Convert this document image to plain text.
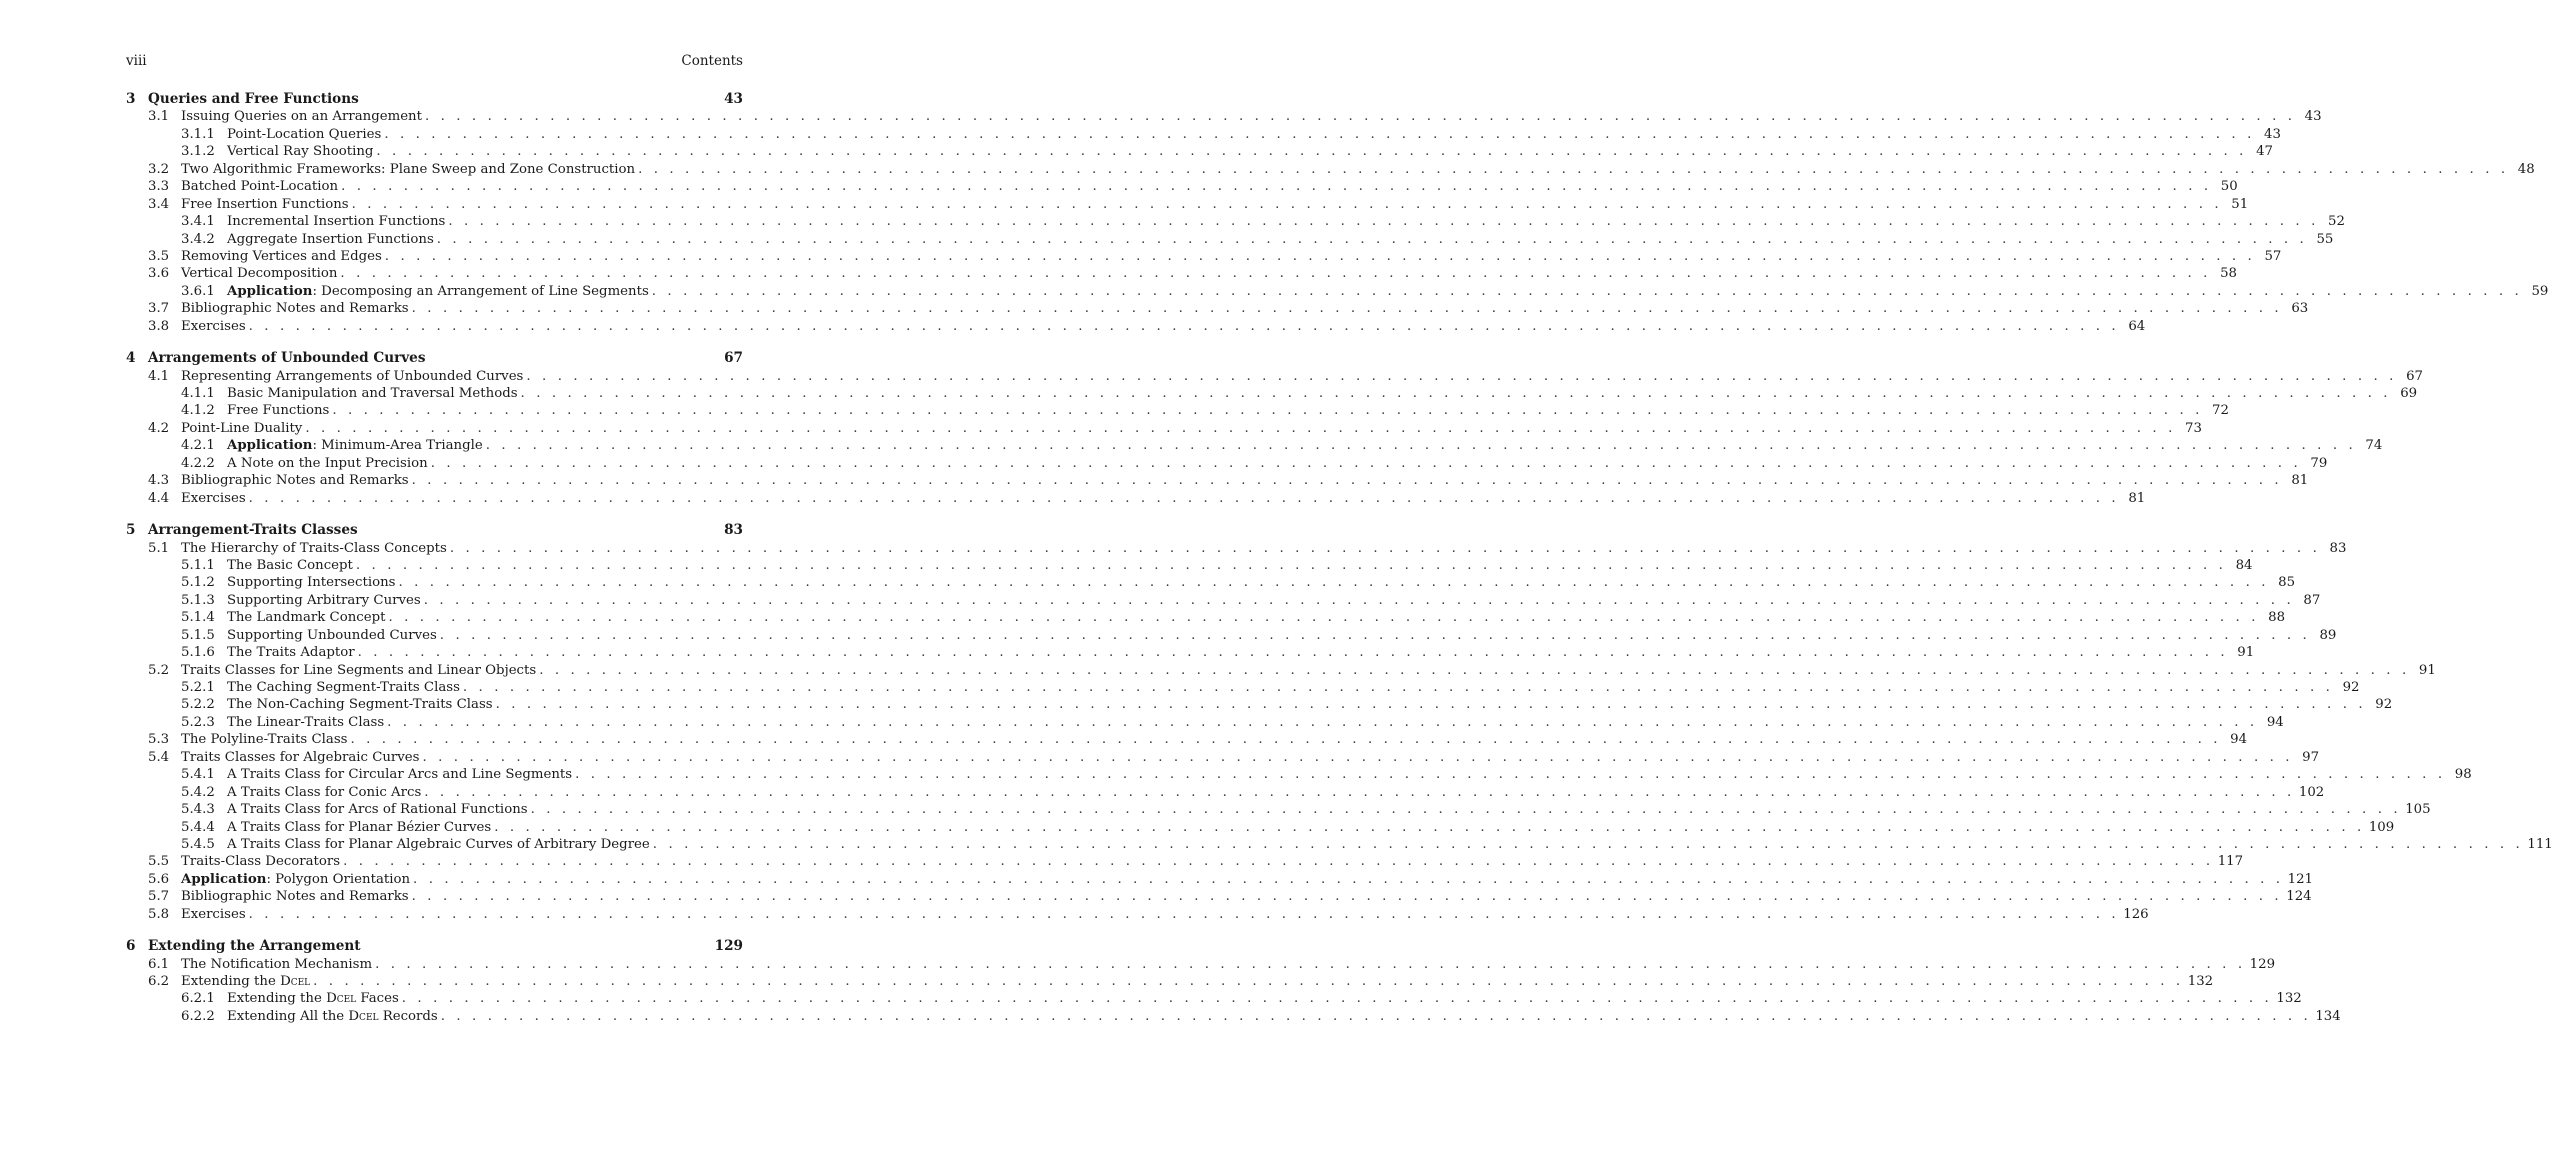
viii	Contents
3 Queries and Free Functions	43
3.1 Issuing Queries on an Arrangement . . . . . . . . . . . . . . . . . . . . . . . . . . . . . . . . . . . . . . . . . . . . . . . . . . . . . . . . . . . . . . . . . . . . . . . . . . . . . . . . . . . . . . . . . . . . . . . . . . . . . . . . . . . . . . . . . . . . . . . . 43
3.1.1 Point-Location Queries . . . . . . . . . . . . . . . . . . . . . . . . . . . . . . . . . . . . . . . . . . . . . . . . . . . . . . . . . . . . . . . . . . . . . . . . . . . . . . . . . . . . . . . . . . . . . . . . . . . . . . . . . . . . . . . . . . . . . . . . 43
3.1.2 Vertical Ray Shooting . . . . . . . . . . . . . . . . . . . . . . . . . . . . . . . . . . . . . . . . . . . . . . . . . . . . . . . . . . . . . . . . . . . . . . . . . . . . . . . . . . . . . . . . . . . . . . . . . . . . . . . . . . . . . . . . . . . . . . . . 47
3.2 Two Algorithmic Frameworks: Plane Sweep and Zone Construction . . . . . . . . . . . . . . . . . . . . . . . . . . . . . . . . . . . . . . . . . . . . . . . . . . . . . . . . . . . . . . . . . . . . . . . . . . . . . . . . . . . . . . . . . . . . . . . . . . . . . . . . . . . . . . . . . . . . . . . . 48
3.3 Batched Point-Location . . . . . . . . . . . . . . . . . . . . . . . . . . . . . . . . . . . . . . . . . . . . . . . . . . . . . . . . . . . . . . . . . . . . . . . . . . . . . . . . . . . . . . . . . . . . . . . . . . . . . . . . . . . . . . . . . . . . . . . . 50
3.4 Free Insertion Functions . . . . . . . . . . . . . . . . . . . . . . . . . . . . . . . . . . . . . . . . . . . . . . . . . . . . . . . . . . . . . . . . . . . . . . . . . . . . . . . . . . . . . . . . . . . . . . . . . . . . . . . . . . . . . . . . . . . . . . . . 51
3.4.1 Incremental Insertion Functions . . . . . . . . . . . . . . . . . . . . . . . . . . . . . . . . . . . . . . . . . . . . . . . . . . . . . . . . . . . . . . . . . . . . . . . . . . . . . . . . . . . . . . . . . . . . . . . . . . . . . . . . . . . . . . . . . . . . . . . . 52
3.4.2 Aggregate Insertion Functions . . . . . . . . . . . . . . . . . . . . . . . . . . . . . . . . . . . . . . . . . . . . . . . . . . . . . . . . . . . . . . . . . . . . . . . . . . . . . . . . . . . . . . . . . . . . . . . . . . . . . . . . . . . . . . . . . . . . . . . . 55
3.5 Removing Vertices and Edges . . . . . . . . . . . . . . . . . . . . . . . . . . . . . . . . . . . . . . . . . . . . . . . . . . . . . . . . . . . . . . . . . . . . . . . . . . . . . . . . . . . . . . . . . . . . . . . . . . . . . . . . . . . . . . . . . . . . . . . . 57
3.6 Vertical Decomposition . . . . . . . . . . . . . . . . . . . . . . . . . . . . . . . . . . . . . . . . . . . . . . . . . . . . . . . . . . . . . . . . . . . . . . . . . . . . . . . . . . . . . . . . . . . . . . . . . . . . . . . . . . . . . . . . . . . . . . . . 58
3.6.1 Application: Decomposing an Arrangement of Line Segments . . . . . . . . . . . . . . . . . . . . . . . . . . . . . . . . . . . . . . . . . . . . . . . . . . . . . . . . . . . . . . . . . . . . . . . . . . . . . . . . . . . . . . . . . . . . . . . . . . . . . . . . . . . . . . . . . . . . . . . . 59
3.7 Bibliographic Notes and Remarks . . . . . . . . . . . . . . . . . . . . . . . . . . . . . . . . . . . . . . . . . . . . . . . . . . . . . . . . . . . . . . . . . . . . . . . . . . . . . . . . . . . . . . . . . . . . . . . . . . . . . . . . . . . . . . . . . . . . . . . . 63
3.8 Exercises . . . . . . . . . . . . . . . . . . . . . . . . . . . . . . . . . . . . . . . . . . . . . . . . . . . . . . . . . . . . . . . . . . . . . . . . . . . . . . . . . . . . . . . . . . . . . . . . . . . . . . . . . . . . . . . . . . . . . . . . 64
4 Arrangements of Unbounded Curves	67
4.1 Representing Arrangements of Unbounded Curves . . . . . . . . . . . . . . . . . . . . . . . . . . . . . . . . . . . . . . . . . . . . . . . . . . . . . . . . . . . . . . . . . . . . . . . . . . . . . . . . . . . . . . . . . . . . . . . . . . . . . . . . . . . . . . . . . . . . . . . . 67
4.1.1 Basic Manipulation and Traversal Methods . . . . . . . . . . . . . . . . . . . . . . . . . . . . . . . . . . . . . . . . . . . . . . . . . . . . . . . . . . . . . . . . . . . . . . . . . . . . . . . . . . . . . . . . . . . . . . . . . . . . . . . . . . . . . . . . . . . . . . . . 69
4.1.2 Free Functions . . . . . . . . . . . . . . . . . . . . . . . . . . . . . . . . . . . . . . . . . . . . . . . . . . . . . . . . . . . . . . . . . . . . . . . . . . . . . . . . . . . . . . . . . . . . . . . . . . . . . . . . . . . . . . . . . . . . . . . . 72
4.2 Point-Line Duality . . . . . . . . . . . . . . . . . . . . . . . . . . . . . . . . . . . . . . . . . . . . . . . . . . . . . . . . . . . . . . . . . . . . . . . . . . . . . . . . . . . . . . . . . . . . . . . . . . . . . . . . . . . . . . . . . . . . . . . . 73
4.2.1 Application: Minimum-Area Triangle . . . . . . . . . . . . . . . . . . . . . . . . . . . . . . . . . . . . . . . . . . . . . . . . . . . . . . . . . . . . . . . . . . . . . . . . . . . . . . . . . . . . . . . . . . . . . . . . . . . . . . . . . . . . . . . . . . . . . . . . 74
4.2.2 A Note on the Input Precision . . . . . . . . . . . . . . . . . . . . . . . . . . . . . . . . . . . . . . . . . . . . . . . . . . . . . . . . . . . . . . . . . . . . . . . . . . . . . . . . . . . . . . . . . . . . . . . . . . . . . . . . . . . . . . . . . . . . . . . . 79
4.3 Bibliographic Notes and Remarks . . . . . . . . . . . . . . . . . . . . . . . . . . . . . . . . . . . . . . . . . . . . . . . . . . . . . . . . . . . . . . . . . . . . . . . . . . . . . . . . . . . . . . . . . . . . . . . . . . . . . . . . . . . . . . . . . . . . . . . . 81
4.4 Exercises . . . . . . . . . . . . . . . . . . . . . . . . . . . . . . . . . . . . . . . . . . . . . . . . . . . . . . . . . . . . . . . . . . . . . . . . . . . . . . . . . . . . . . . . . . . . . . . . . . . . . . . . . . . . . . . . . . . . . . . . 81
5 Arrangement-Traits Classes	83
5.1 The Hierarchy of Traits-Class Concepts . . . . . . . . . . . . . . . . . . . . . . . . . . . . . . . . . . . . . . . . . . . . . . . . . . . . . . . . . . . . . . . . . . . . . . . . . . . . . . . . . . . . . . . . . . . . . . . . . . . . . . . . . . . . . . . . . . . . . . . . 83
5.1.1 The Basic Concept . . . . . . . . . . . . . . . . . . . . . . . . . . . . . . . . . . . . . . . . . . . . . . . . . . . . . . . . . . . . . . . . . . . . . . . . . . . . . . . . . . . . . . . . . . . . . . . . . . . . . . . . . . . . . . . . . . . . . . . . 84
5.1.2 Supporting Intersections . . . . . . . . . . . . . . . . . . . . . . . . . . . . . . . . . . . . . . . . . . . . . . . . . . . . . . . . . . . . . . . . . . . . . . . . . . . . . . . . . . . . . . . . . . . . . . . . . . . . . . . . . . . . . . . . . . . . . . . . 85
5.1.3 Supporting Arbitrary Curves . . . . . . . . . . . . . . . . . . . . . . . . . . . . . . . . . . . . . . . . . . . . . . . . . . . . . . . . . . . . . . . . . . . . . . . . . . . . . . . . . . . . . . . . . . . . . . . . . . . . . . . . . . . . . . . . . . . . . . . . 87
5.1.4 The Landmark Concept . . . . . . . . . . . . . . . . . . . . . . . . . . . . . . . . . . . . . . . . . . . . . . . . . . . . . . . . . . . . . . . . . . . . . . . . . . . . . . . . . . . . . . . . . . . . . . . . . . . . . . . . . . . . . . . . . . . . . . . . 88
5.1.5 Supporting Unbounded Curves . . . . . . . . . . . . . . . . . . . . . . . . . . . . . . . . . . . . . . . . . . . . . . . . . . . . . . . . . . . . . . . . . . . . . . . . . . . . . . . . . . . . . . . . . . . . . . . . . . . . . . . . . . . . . . . . . . . . . . . . 89
5.1.6 The Traits Adaptor . . . . . . . . . . . . . . . . . . . . . . . . . . . . . . . . . . . . . . . . . . . . . . . . . . . . . . . . . . . . . . . . . . . . . . . . . . . . . . . . . . . . . . . . . . . . . . . . . . . . . . . . . . . . . . . . . . . . . . . . 91
5.2 Traits Classes for Line Segments and Linear Objects . . . . . . . . . . . . . . . . . . . . . . . . . . . . . . . . . . . . . . . . . . . . . . . . . . . . . . . . . . . . . . . . . . . . . . . . . . . . . . . . . . . . . . . . . . . . . . . . . . . . . . . . . . . . . . . . . . . . . . . . 91
5.2.1 The Caching Segment-Traits Class . . . . . . . . . . . . . . . . . . . . . . . . . . . . . . . . . . . . . . . . . . . . . . . . . . . . . . . . . . . . . . . . . . . . . . . . . . . . . . . . . . . . . . . . . . . . . . . . . . . . . . . . . . . . . . . . . . . . . . . . 92
5.2.2 The Non-Caching Segment-Traits Class . . . . . . . . . . . . . . . . . . . . . . . . . . . . . . . . . . . . . . . . . . . . . . . . . . . . . . . . . . . . . . . . . . . . . . . . . . . . . . . . . . . . . . . . . . . . . . . . . . . . . . . . . . . . . . . . . . . . . . . . 92
5.2.3 The Linear-Traits Class . . . . . . . . . . . . . . . . . . . . . . . . . . . . . . . . . . . . . . . . . . . . . . . . . . . . . . . . . . . . . . . . . . . . . . . . . . . . . . . . . . . . . . . . . . . . . . . . . . . . . . . . . . . . . . . . . . . . . . . . 94
5.3 The Polyline-Traits Class . . . . . . . . . . . . . . . . . . . . . . . . . . . . . . . . . . . . . . . . . . . . . . . . . . . . . . . . . . . . . . . . . . . . . . . . . . . . . . . . . . . . . . . . . . . . . . . . . . . . . . . . . . . . . . . . . . . . . . . . 94
5.4 Traits Classes for Algebraic Curves . . . . . . . . . . . . . . . . . . . . . . . . . . . . . . . . . . . . . . . . . . . . . . . . . . . . . . . . . . . . . . . . . . . . . . . . . . . . . . . . . . . . . . . . . . . . . . . . . . . . . . . . . . . . . . . . . . . . . . . . 97
5.4.1 A Traits Class for Circular Arcs and Line Segments . . . . . . . . . . . . . . . . . . . . . . . . . . . . . . . . . . . . . . . . . . . . . . . . . . . . . . . . . . . . . . . . . . . . . . . . . . . . . . . . . . . . . . . . . . . . . . . . . . . . . . . . . . . . . . . . . . . . . . . . 98
5.4.2 A Traits Class for Conic Arcs . . . . . . . . . . . . . . . . . . . . . . . . . . . . . . . . . . . . . . . . . . . . . . . . . . . . . . . . . . . . . . . . . . . . . . . . . . . . . . . . . . . . . . . . . . . . . . . . . . . . . . . . . . . . . . . . . . . . . . . . 102
5.4.3 A Traits Class for Arcs of Rational Functions . . . . . . . . . . . . . . . . . . . . . . . . . . . . . . . . . . . . . . . . . . . . . . . . . . . . . . . . . . . . . . . . . . . . . . . . . . . . . . . . . . . . . . . . . . . . . . . . . . . . . . . . . . . . . . . . . . . . . . . . 105
5.4.4 A Traits Class for Planar Bézier Curves . . . . . . . . . . . . . . . . . . . . . . . . . . . . . . . . . . . . . . . . . . . . . . . . . . . . . . . . . . . . . . . . . . . . . . . . . . . . . . . . . . . . . . . . . . . . . . . . . . . . . . . . . . . . . . . . . . . . . . . . 109
5.4.5 A Traits Class for Planar Algebraic Curves of Arbitrary Degree . . . . . . . . . . . . . . . . . . . . . . . . . . . . . . . . . . . . . . . . . . . . . . . . . . . . . . . . . . . . . . . . . . . . . . . . . . . . . . . . . . . . . . . . . . . . . . . . . . . . . . . . . . . . . . . . . . . . . . . . 111
5.5 Traits-Class Decorators . . . . . . . . . . . . . . . . . . . . . . . . . . . . . . . . . . . . . . . . . . . . . . . . . . . . . . . . . . . . . . . . . . . . . . . . . . . . . . . . . . . . . . . . . . . . . . . . . . . . . . . . . . . . . . . . . . . . . . . . 117
5.6 Application: Polygon Orientation . . . . . . . . . . . . . . . . . . . . . . . . . . . . . . . . . . . . . . . . . . . . . . . . . . . . . . . . . . . . . . . . . . . . . . . . . . . . . . . . . . . . . . . . . . . . . . . . . . . . . . . . . . . . . . . . . . . . . . . . 121
5.7 Bibliographic Notes and Remarks . . . . . . . . . . . . . . . . . . . . . . . . . . . . . . . . . . . . . . . . . . . . . . . . . . . . . . . . . . . . . . . . . . . . . . . . . . . . . . . . . . . . . . . . . . . . . . . . . . . . . . . . . . . . . . . . . . . . . . . . 124
5.8 Exercises . . . . . . . . . . . . . . . . . . . . . . . . . . . . . . . . . . . . . . . . . . . . . . . . . . . . . . . . . . . . . . . . . . . . . . . . . . . . . . . . . . . . . . . . . . . . . . . . . . . . . . . . . . . . . . . . . . . . . . . . 126
6 Extending the Arrangement	129
6.1 The Notification Mechanism . . . . . . . . . . . . . . . . . . . . . . . . . . . . . . . . . . . . . . . . . . . . . . . . . . . . . . . . . . . . . . . . . . . . . . . . . . . . . . . . . . . . . . . . . . . . . . . . . . . . . . . . . . . . . . . . . . . . . . . . 129
6.2 Extending the Dcel . . . . . . . . . . . . . . . . . . . . . . . . . . . . . . . . . . . . . . . . . . . . . . . . . . . . . . . . . . . . . . . . . . . . . . . . . . . . . . . . . . . . . . . . . . . . . . . . . . . . . . . . . . . . . . . . . . . . . . . . 132
6.2.1 Extending the Dcel Faces . . . . . . . . . . . . . . . . . . . . . . . . . . . . . . . . . . . . . . . . . . . . . . . . . . . . . . . . . . . . . . . . . . . . . . . . . . . . . . . . . . . . . . . . . . . . . . . . . . . . . . . . . . . . . . . . . . . . . . . . 132
6.2.2 Extending All the Dcel Records . . . . . . . . . . . . . . . . . . . . . . . . . . . . . . . . . . . . . . . . . . . . . . . . . . . . . . . . . . . . . . . . . . . . . . . . . . . . . . . . . . . . . . . . . . . . . . . . . . . . . . . . . . . . . . . . . . . . . . . . 134
